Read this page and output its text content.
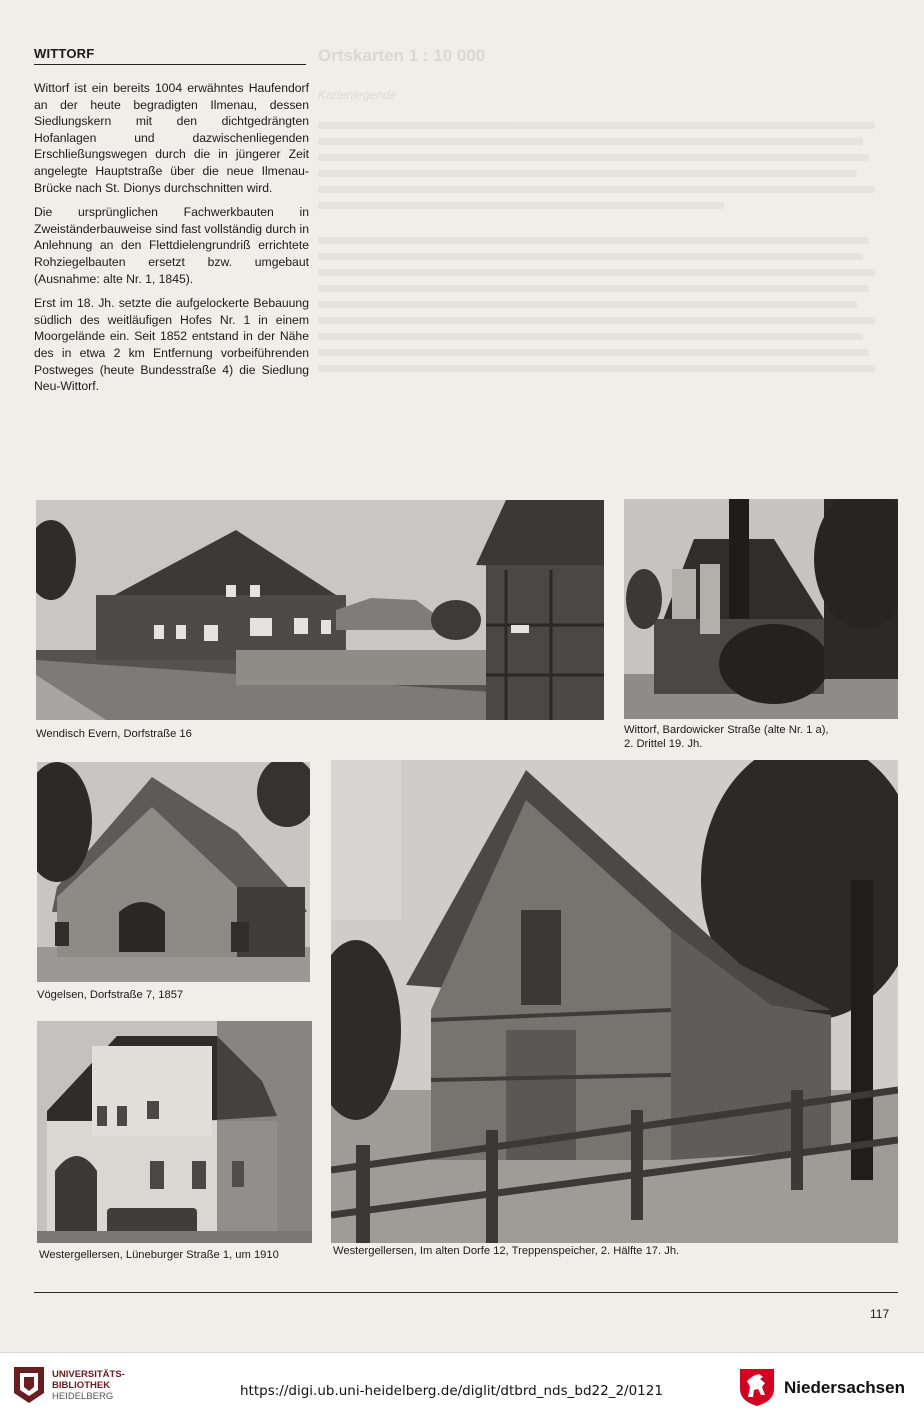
WITTORF

Wittorf ist ein bereits 1004 erwähntes Haufendorf an der heute begradigten Ilmenau, dessen Siedlungskern mit den dichtgedrängten Hofanlagen und dazwischenliegenden Erschließungswegen durch die in jüngerer Zeit angelegte Hauptstraße über die neue Ilmenau-Brücke nach St. Dionys durchschnitten wird.

Die ursprünglichen Fachwerkbauten in Zweiständerbauweise sind fast vollständig durch in Anlehnung an den Flettdielengrundriß errichtete Rohziegelbauten ersetzt bzw. umgebaut (Ausnahme: alte Nr. 1, 1845).

Erst im 18. Jh. setzte die aufgelockerte Bebauung südlich des weitläufigen Hofes Nr. 1 in einem Moorgelände ein. Seit 1852 entstand in der Nähe des in etwa 2 km Entfernung vorbeiführenden Postweges (heute Bundesstraße 4) die Siedlung Neu-Wittorf.

Ortskarten 1 : 10 000
Kartenlegende
Wendisch Evern, Dorfstraße 16	Wittorf, Bardowicker Straße (alte Nr. 1 a),
2. Drittel 19. Jh.
Vögelsen, Dorfstraße 7, 1857
Westergellersen, Lüneburger Straße 1, um 1910	Westergellersen, Im alten Dorfe 12, Treppenspeicher, 2. Hälfte 17. Jh.
117
UNIVERSITÄTS-
BIBLIOTHEK
HEIDELBERG	https://digi.ub.uni-heidelberg.de/diglit/dtbrd_nds_bd22_2/0121	Niedersachsen
